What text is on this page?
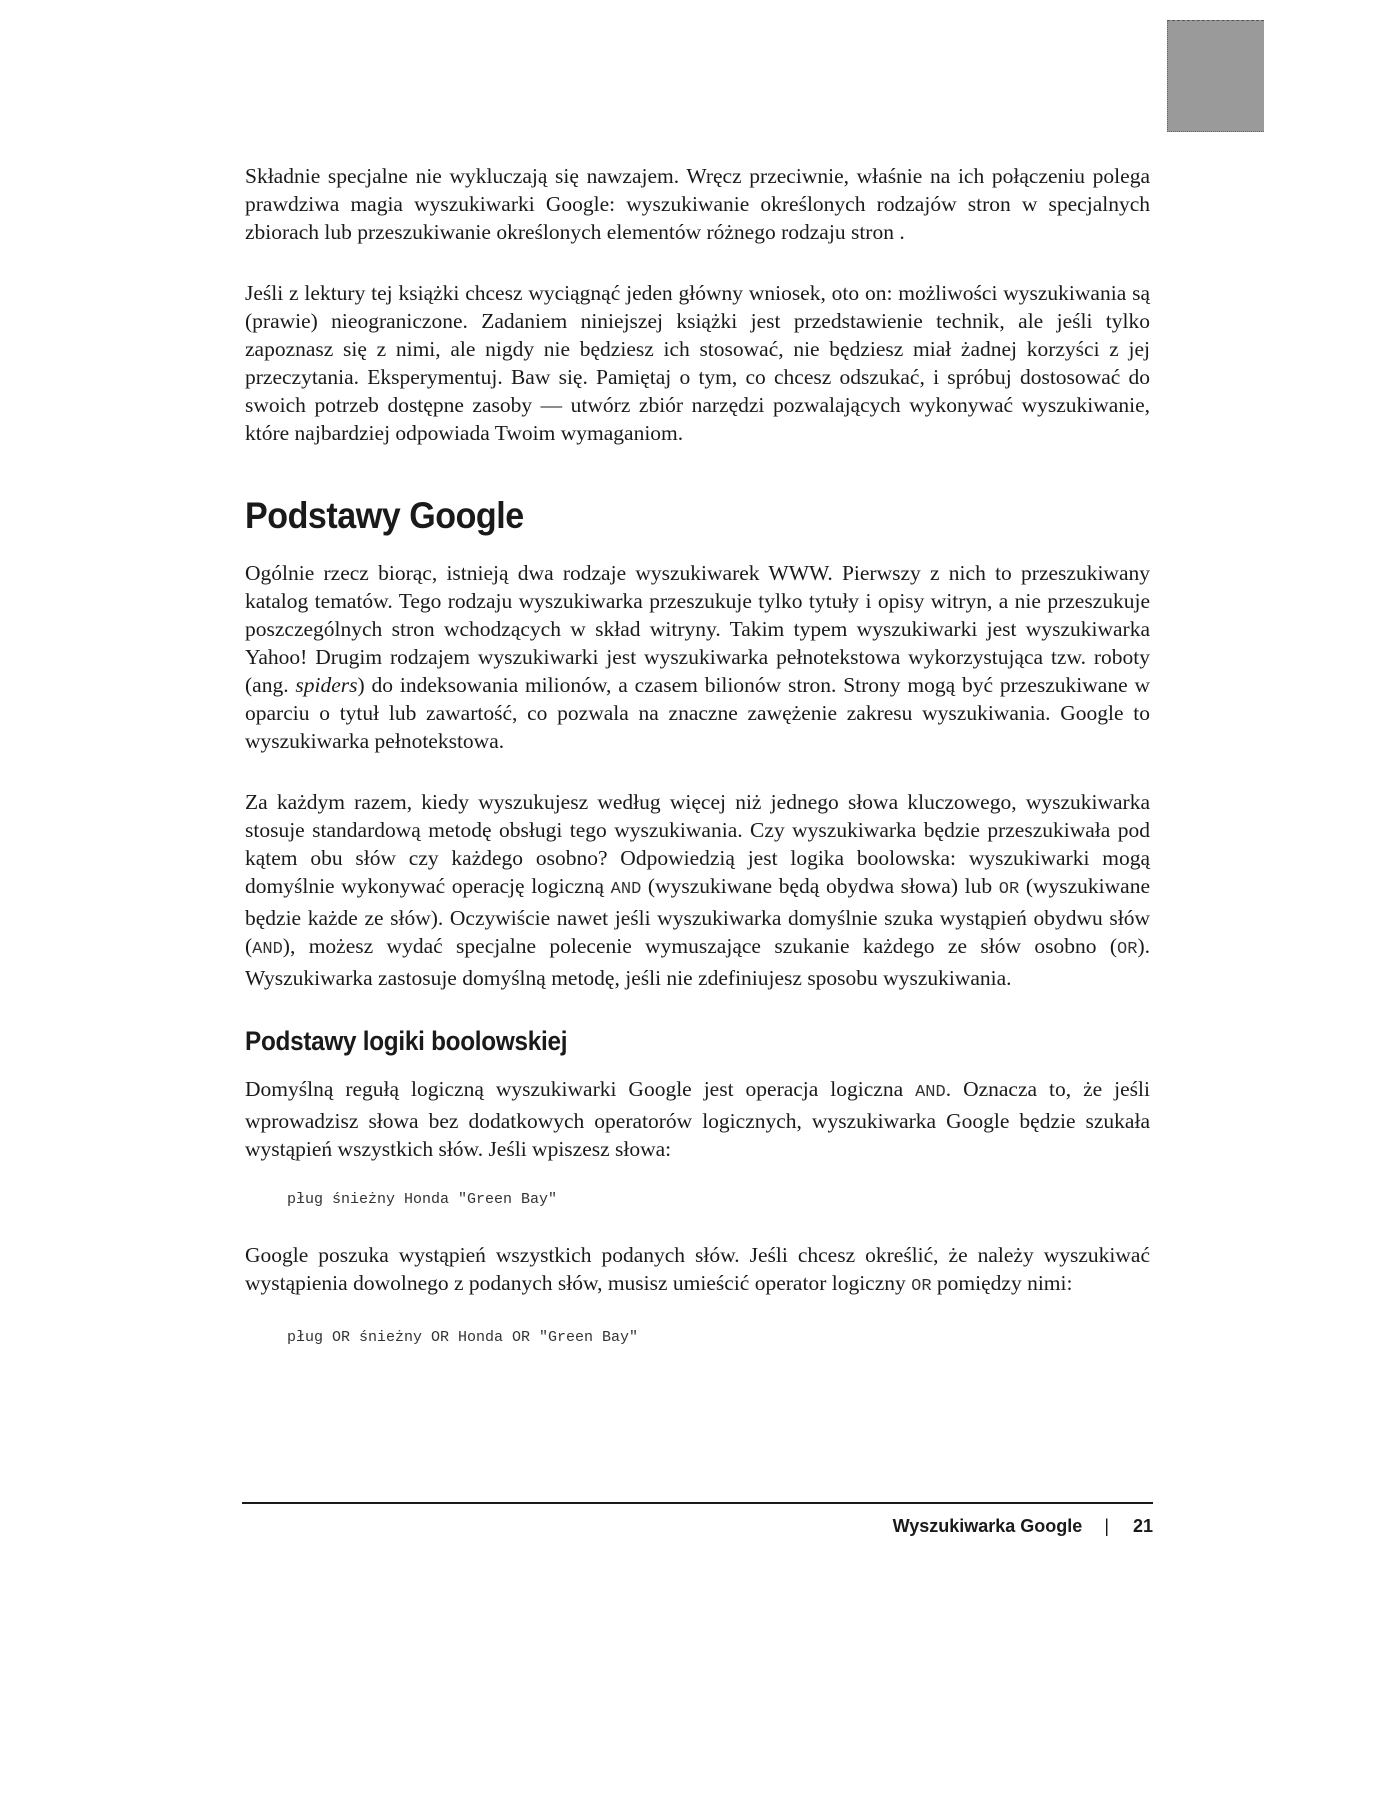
Składnie specjalne nie wykluczają się nawzajem. Wręcz przeciwnie, właśnie na ich połączeniu polega prawdziwa magia wyszukiwarki Google: wyszukiwanie określonych rodzajów stron w specjalnych zbiorach lub przeszukiwanie określonych elementów różnego rodzaju stron .

Jeśli z lektury tej książki chcesz wyciągnąć jeden główny wniosek, oto on: możliwości wyszukiwania są (prawie) nieograniczone. Zadaniem niniejszej książki jest przedstawienie technik, ale jeśli tylko zapoznasz się z nimi, ale nigdy nie będziesz ich stosować, nie będziesz miał żadnej korzyści z jej przeczytania. Eksperymentuj. Baw się. Pamiętaj o tym, co chcesz odszukać, i spróbuj dostosować do swoich potrzeb dostępne zasoby — utwórz zbiór narzędzi pozwalających wykonywać wyszukiwanie, które najbardziej odpowiada Twoim wymaganiom.

Podstawy Google

Ogólnie rzecz biorąc, istnieją dwa rodzaje wyszukiwarek WWW. Pierwszy z nich to przeszukiwany katalog tematów. Tego rodzaju wyszukiwarka przeszukuje tylko tytuły i opisy witryn, a nie przeszukuje poszczególnych stron wchodzących w skład witryny. Takim typem wyszukiwarki jest wyszukiwarka Yahoo! Drugim rodzajem wyszukiwarki jest wyszukiwarka pełnotekstowa wykorzystująca tzw. roboty (ang. spiders) do indeksowania milionów, a czasem bilionów stron. Strony mogą być przeszukiwane w oparciu o tytuł lub zawartość, co pozwala na znaczne zawężenie zakresu wyszukiwania. Google to wyszukiwarka pełnotekstowa.

Za każdym razem, kiedy wyszukujesz według więcej niż jednego słowa kluczowego, wyszukiwarka stosuje standardową metodę obsługi tego wyszukiwania. Czy wyszukiwarka będzie przeszukiwała pod kątem obu słów czy każdego osobno? Odpowiedzią jest logika boolowska: wyszukiwarki mogą domyślnie wykonywać operację logiczną AND (wyszukiwane będą obydwa słowa) lub OR (wyszukiwane będzie każde ze słów). Oczywiście nawet jeśli wyszukiwarka domyślnie szuka wystąpień obydwu słów (AND), możesz wydać specjalne polecenie wymuszające szukanie każdego ze słów osobno (OR). Wyszukiwarka zastosuje domyślną metodę, jeśli nie zdefiniujesz sposobu wyszukiwania.

Podstawy logiki boolowskiej

Domyślną regułą logiczną wyszukiwarki Google jest operacja logiczna AND. Oznacza to, że jeśli wprowadzisz słowa bez dodatkowych operatorów logicznych, wyszukiwarka Google będzie szukała wystąpień wszystkich słów. Jeśli wpiszesz słowa:

pług śnieżny Honda "Green Bay"

Google poszuka wystąpień wszystkich podanych słów. Jeśli chcesz określić, że należy wyszukiwać wystąpienia dowolnego z podanych słów, musisz umieścić operator logiczny OR pomiędzy nimi:

pług OR śnieżny OR Honda OR "Green Bay"
Wyszukiwarka Google | 21
